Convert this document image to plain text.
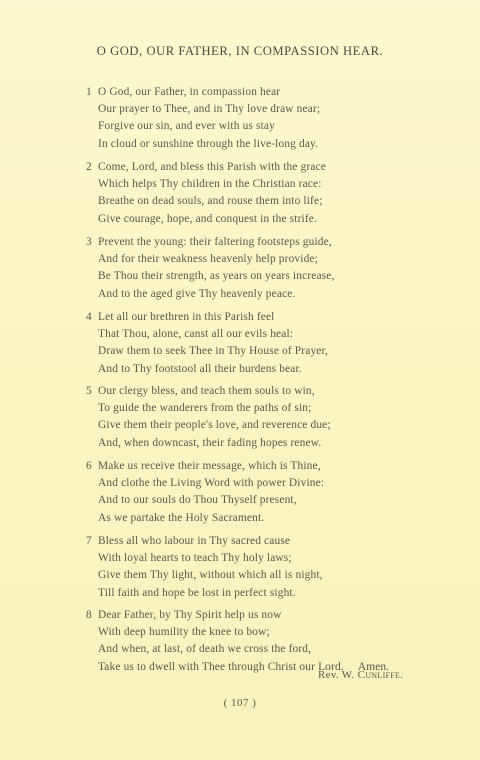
O GOD, OUR FATHER, IN COMPASSION HEAR.
1 O God, our Father, in compassion hear
Our prayer to Thee, and in Thy love draw near;
Forgive our sin, and ever with us stay
In cloud or sunshine through the live-long day.
2 Come, Lord, and bless this Parish with the grace
Which helps Thy children in the Christian race:
Breathe on dead souls, and rouse them into life;
Give courage, hope, and conquest in the strife.
3 Prevent the young: their faltering footsteps guide,
And for their weakness heavenly help provide;
Be Thou their strength, as years on years increase,
And to the aged give Thy heavenly peace.
4 Let all our brethren in this Parish feel
That Thou, alone, canst all our evils heal:
Draw them to seek Thee in Thy House of Prayer,
And to Thy footstool all their burdens bear.
5 Our clergy bless, and teach them souls to win,
To guide the wanderers from the paths of sin;
Give them their people's love, and reverence due;
And, when downcast, their fading hopes renew.
6 Make us receive their message, which is Thine,
And clothe the Living Word with power Divine:
And to our souls do Thou Thyself present,
As we partake the Holy Sacrament.
7 Bless all who labour in Thy sacred cause
With loyal hearts to teach Thy holy laws;
Give them Thy light, without which all is night,
Till faith and hope be lost in perfect sight.
8 Dear Father, by Thy Spirit help us now
With deep humility the knee to bow;
And when, at last, of death we cross the ford,
Take us to dwell with Thee through Christ our Lord. Amen.
Rev. W. Cunliffe.
( 107 )
